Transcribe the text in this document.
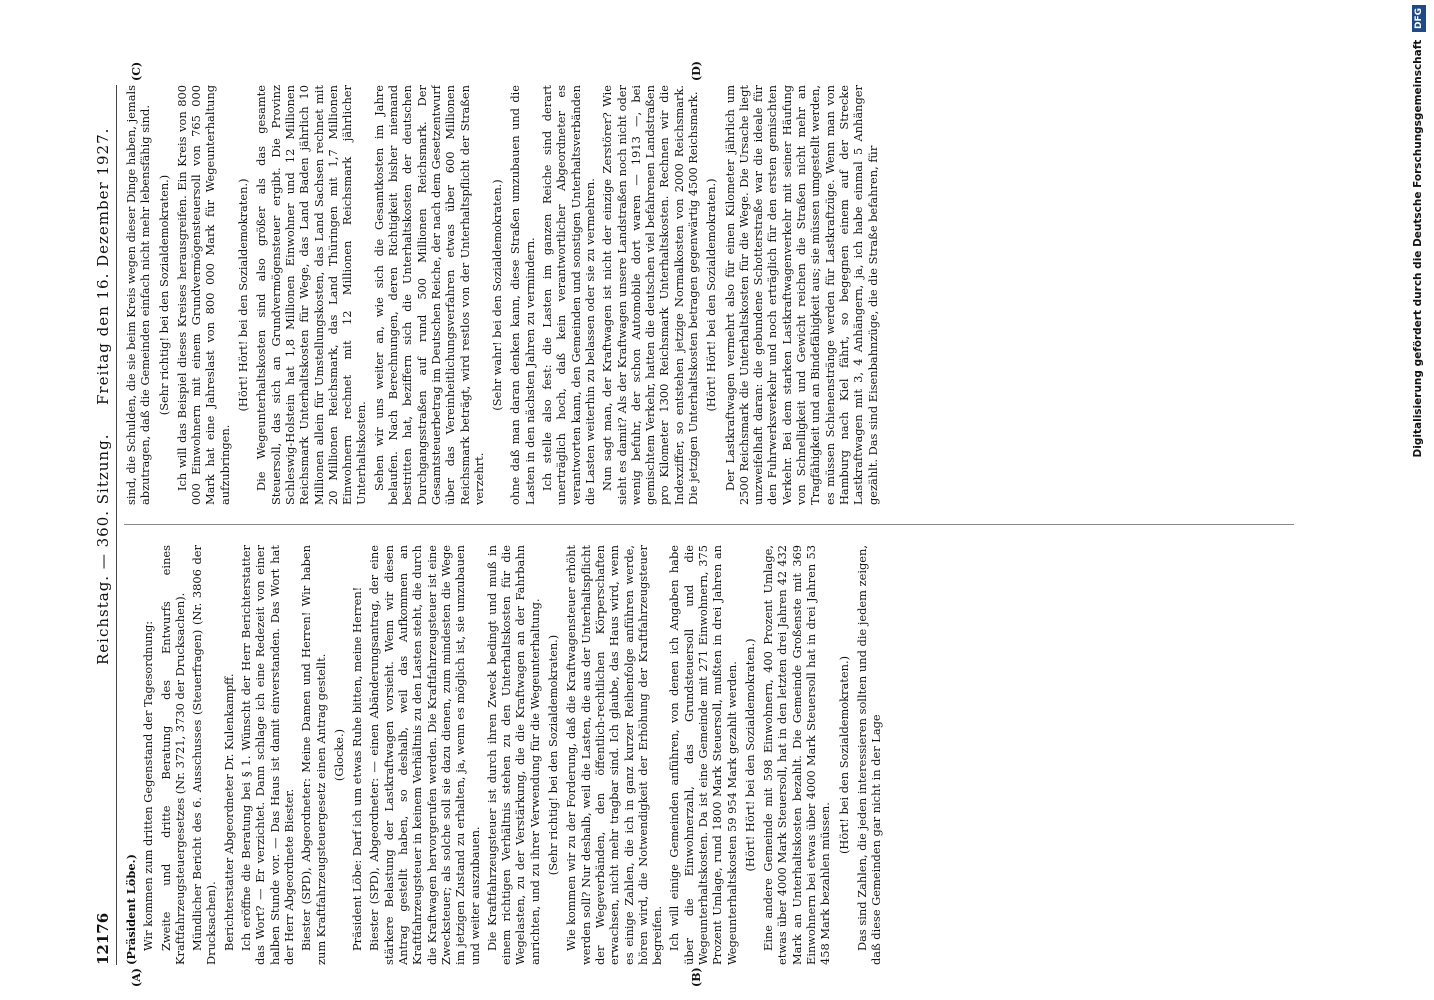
12176
Reichstag. — 360. Sitzung.
Freitag den 16. Dezember 1927.

(Präsident Löbe.) Wir kommen zum dritten Gegenstand der Tagesordnung: Zweite und dritte Beratung des Entwurfs eines Kraftfahrzeugsteuergesetzes (Nr. 3721, 3730 der Drucksachen). Mündlicher Bericht des 6. Ausschusses (Steuerfragen) (Nr. 3806 der Drucksachen). Berichterstatter Abgeordneter Dr. Kulenkampff. Ich eröffne die Beratung bei § 1. Wünscht der Herr Berichterstatter das Wort? — Er verzichtet. Dann schlage ich eine Redezeit von einer halben Stunde vor. — Das Haus ist damit einverstanden. Das Wort hat der Herr Abgeordnete Biester. Biester (SPD), Abgeordneter: Meine Damen und Herren! Wir haben zum Kraftfahrzeugsteuergesetz einen Antrag gestellt. (Glocke.) Präsident Löbe: Darf ich um etwas Ruhe bitten, meine Herren! Biester (SPD), Abgeordneter: — einen Abänderungsantrag, der eine stärkere Belastung der Lastkraftwagen vorsieht. Wenn wir diesen Antrag gestellt haben, so deshalb, weil das Aufkommen an Kraftfahrzeugsteuer in keinem Verhältnis zu den Lasten steht, die durch die Kraftwagen hervorgerufen werden. Die Kraftfahrzeugsteuer ist eine Zwecksteuer; als solche soll sie dazu dienen, zum mindesten die Wege im jetzigen Zustand zu erhalten, ja, wenn es möglich ist, sie umzubauen und weiter auszubauen. Die Kraftfahrzeugsteuer ist durch ihren Zweck bedingt und muß in einem richtigen Verhältnis stehen zu den Unterhaltskosten für die Wegelasten, zu der Verstärkung, die die Kraftwagen an der Fahrbahn anrichten, und zu ihrer Verwendung für die Wegeunterhaltung. (Sehr richtig! bei den Sozialdemokraten.) Wie kommen wir zu der Forderung, daß die Kraftwagensteuer erhöht werden soll? Nur deshalb, weil die Lasten, die aus der Unterhaltspflicht der Wegeverbänden, den öffentlich-rechtlichen Körperschaften erwachsen, nicht mehr tragbar sind. Ich glaube, das Haus wird, wenn es einige Zahlen, die ich in ganz kurzer Reihenfolge anführen werde, hören wird, die Notwendigkeit der Erhöhung der Kraftfahrzeugsteuer begreifen. Ich will einige Gemeinden anführen, von denen ich Angaben habe über die Einwohnerzahl, das Grundsteuersoll und die Wegeunterhaltskosten. Da ist eine Gemeinde mit 271 Einwohnern, 375 Prozent Umlage, rund 1800 Mark Steuersoll, mußten in drei Jahren an Wegeunterhaltskosten 59 954 Mark gezahlt werden. (Hört! Hört! bei den Sozialdemokraten.) Eine andere Gemeinde mit 598 Einwohnern, 400 Prozent Umlage, etwas über 4000 Mark Steuersoll, hat in den letzten drei Jahren 42 432 Mark an Unterhaltskosten bezahlt. Die Gemeinde Großenste mit 369 Einwohnern bei etwas über 4000 Mark Steuersoll hat in drei Jahren 53 458 Mark bezahlen müssen.

(Hört! bei den Sozialdemokraten.) Das sind Zahlen, die jeden interessieren sollten und die jedem zeigen, daß diese Gemeinden gar nicht in der Lage

sind, die Schulden, die sie beim Kreis wegen dieser Dinge haben, jemals abzutragen, daß die Gemeinden einfach nicht mehr lebensfähig sind. (Sehr richtig! bei den Sozialdemokraten.) Ich will das Beispiel dieses Kreises herausgreifen. Ein Kreis von 800 000 Einwohnern mit einem Grundvermögensteuersoll von 765 000 Mark hat eine Jahreslast von 800 000 Mark für Wegeunterhaltung aufzubringen.

(Hört! Hört! bei den Sozialdemokraten.) Die Wegeunterhaltskosten sind also größer als das gesamte Steuersoll, das sich an Grundvermögensteuer ergibt. Die Provinz Schleswig-Holstein hat 1,8 Millionen Einwohner und 12 Millionen Reichsmark Unterhaltskosten für Wege, das Land Baden jährlich 10 Millionen allein für Umstellungskosten, das Land Sachsen rechnet mit 20 Millionen Reichsmark, das Land Thüringen mit 1,7 Millionen Einwohnern rechnet mit 12 Millionen Reichsmark jährlicher Unterhaltskosten. Sehen wir uns weiter an, wie sich die Gesamtkosten im Jahre belaufen. Nach Berechnungen, deren Richtigkeit bisher niemand bestritten hat, beziffern sich die Unterhaltskosten der deutschen Durchgangsstraßen auf rund 500 Millionen Reichsmark. Der Gesamtsteuerbetrag im Deutschen Reiche, der nach dem Gesetzentwurf über das Vereinheitlichungsverfahren etwas über 600 Millionen Reichsmark beträgt, wird restlos von der Unterhaltspflicht der Straßen verzehrt.

(Sehr wahr! bei den Sozialdemokraten.) ohne daß man daran denken kann, diese Straßen umzubauen und die Lasten in den nächsten Jahren zu vermindern. Ich stelle also fest: die Lasten im ganzen Reiche sind derart unerträglich hoch, daß kein verantwortlicher Abgeordneter es verantworten kann, den Gemeinden und sonstigen Unterhaltsverbänden die Lasten weiterhin zu belassen oder sie zu vermehren. Nun sagt man, der Kraftwagen ist nicht der einzige Zerstörer? Wie sieht es damit? Als der Kraftwagen unsere Landstraßen noch nicht oder wenig befuhr, der schon Automobile dort waren — 1913 —, bei gemischtem Verkehr, hatten die deutschen viel befahrenen Landstraßen pro Kilometer 1300 Reichsmark Unterhaltskosten. Rechnen wir die Indexziffer, so entstehen jetzige Normalkosten von 2000 Reichsmark. Die jetzigen Unterhaltskosten betragen gegenwärtig 4500 Reichsmark. (Hört! Hört! bei den Sozialdemokraten.) Der Lastkraftwagen vermehrt also für einen Kilometer jährlich um 2500 Reichsmark die Unterhaltskosten für die Wege. Die Ursache liegt unzweifelhaft daran: die gebundene Schotterstraße war die ideale für den Fuhrwerksverkehr und noch erträglich für den ersten gemischten Verkehr. Bei dem starken Lastkraftwagenverkehr mit seiner Häufung von Schnelligkeit und Gewicht reichen die Straßen nicht mehr an Tragfähigkeit und an Bindefähigkeit aus; sie müssen umgestellt werden, es müssen Schienenstränge werden für Lastkraftzüge. Wenn man von Hamburg nach Kiel fährt, so begegnen einem auf der Strecke Lastkraftwagen mit 3, 4 Anhängern, ja, ich habe einmal 5 Anhänger gezählt. Das sind Eisenbahnzüge, die die Straße befahren, für

(A)	(B)
(C)	(D)	Digitalisierung gefördert durch die Deutsche Forschungsgemeinschaft DFG
